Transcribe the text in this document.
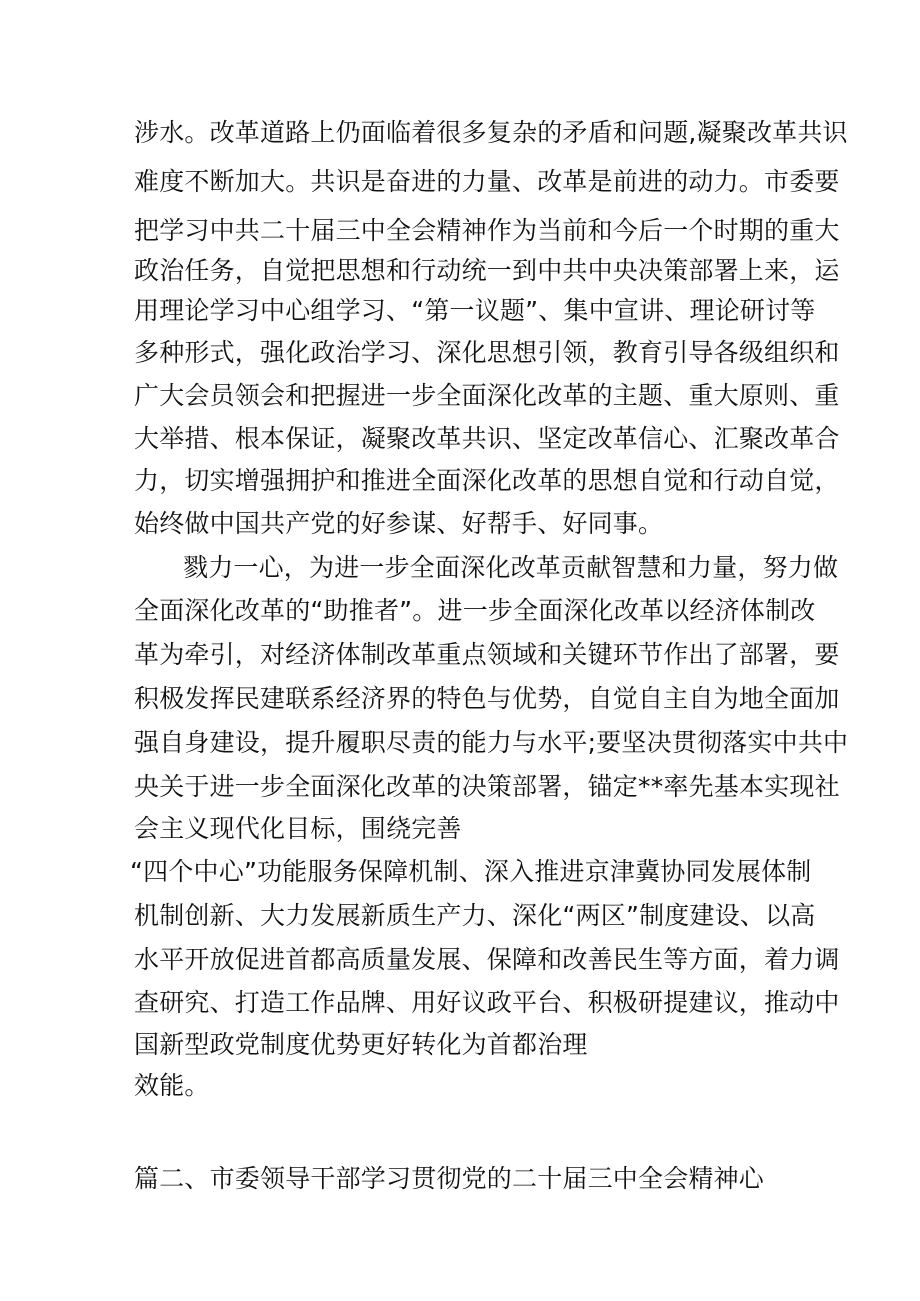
涉水。改革道路上仍面临着很多复杂的矛盾和问题,凝聚改革共识
难度不断加大。共识是奋进的力量、改革是前进的动力。市委要
把学习中共二十届三中全会精神作为当前和今后一个时期的重大
政治任务，自觉把思想和行动统一到中共中央决策部署上来，运
用理论学习中心组学习、“第一议题”、集中宣讲、理论研讨等
多种形式，强化政治学习、深化思想引领，教育引导各级组织和
广大会员领会和把握进一步全面深化改革的主题、重大原则、重
大举措、根本保证，凝聚改革共识、坚定改革信心、汇聚改革合
力，切实增强拥护和推进全面深化改革的思想自觉和行动自觉，
始终做中国共产党的好参谋、好帮手、好同事。
戮力一心，为进一步全面深化改革贡献智慧和力量，努力做
全面深化改革的“助推者”。进一步全面深化改革以经济体制改
革为牵引，对经济体制改革重点领域和关键环节作出了部署，要
积极发挥民建联系经济界的特色与优势，自觉自主自为地全面加
强自身建设，提升履职尽责的能力与水平;要坚决贯彻落实中共中
央关于进一步全面深化改革的决策部署，锚定**率先基本实现社
会主义现代化目标，围绕完善
“四个中心”功能服务保障机制、深入推进京津冀协同发展体制
机制创新、大力发展新质生产力、深化“两区”制度建设、以高
水平开放促进首都高质量发展、保障和改善民生等方面，着力调
查研究、打造工作品牌、用好议政平台、积极研提建议，推动中
国新型政党制度优势更好转化为首都治理
效能。
篇二、市委领导干部学习贯彻党的二十届三中全会精神心
